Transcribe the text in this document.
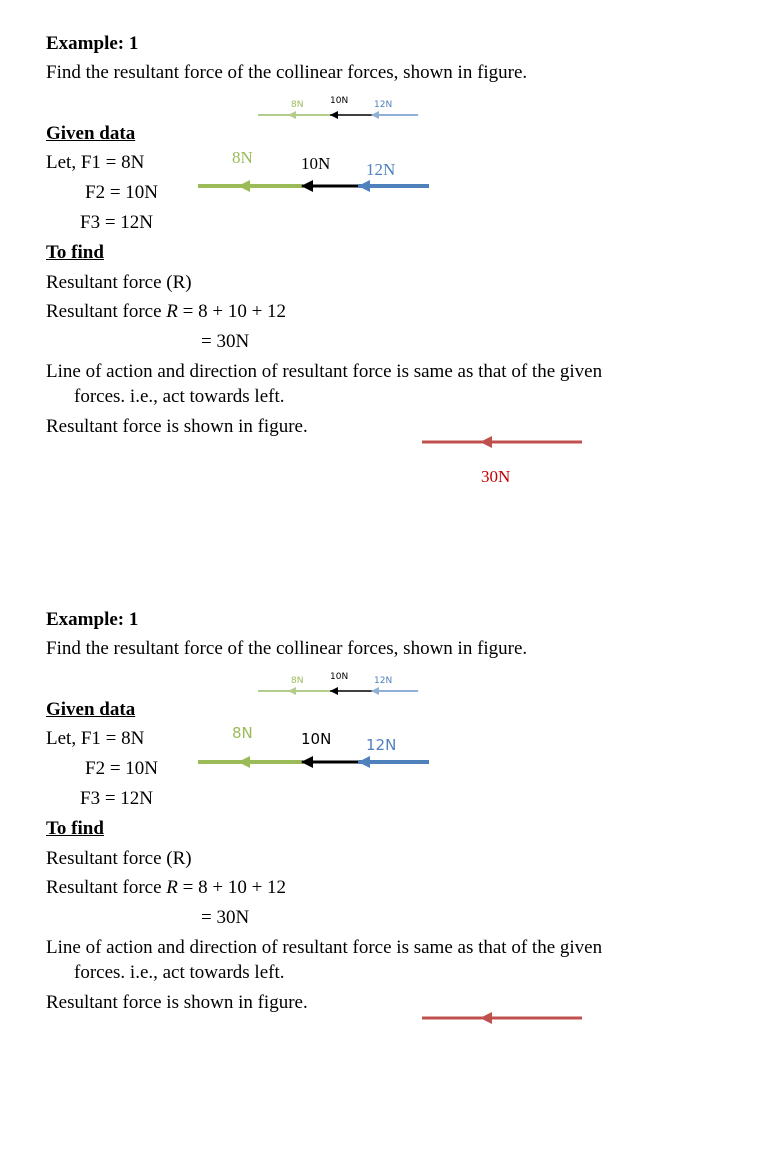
Example: 1
Find the resultant force of the collinear forces, shown in figure.
8N	10N	12N
Given data
Let, F1 = 8N
F2 = 10N
F3 = 12N
8N	10N 12N
To find
Resultant force (R)
Resultant force R = 8 + 10 + 12
= 30N
Line of action and direction of resultant force is same as that of the given
forces. i.e., act towards left.
Resultant force is shown in figure.
30N
Example: 1
Find the resultant force of the collinear forces, shown in figure.
8N	10N	12N
Given data
Let, F1 = 8N
F2 = 10N
F3 = 12N
8N	10N 12N
To find
Resultant force (R)
Resultant force R = 8 + 10 + 12
= 30N
Line of action and direction of resultant force is same as that of the given
forces. i.e., act towards left.
Resultant force is shown in figure.
